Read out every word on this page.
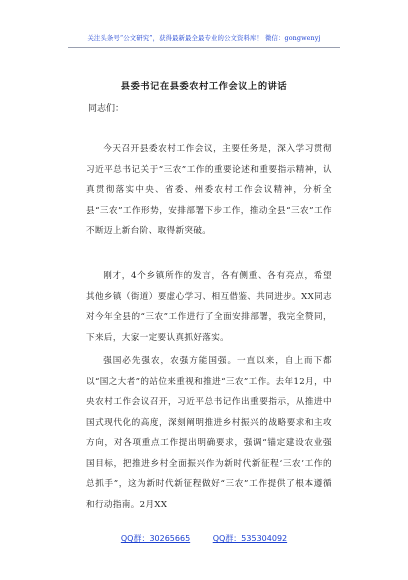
关注头条号“公文研究”，获得最新最全最专业的公文资料库！ 微信：gongwenyj
县委书记在县委农村工作会议上的讲话
同志们：
今天召开县委农村工作会议，主要任务是，深入学习贯彻习近平总书记关于“三农”工作的重要论述和重要指示精神，认真贯彻落实中央、省委、州委农村工作会议精神，分析全县“三农”工作形势，安排部署下步工作，推动全县“三农”工作不断迈上新台阶、取得新突破。
刚才，4个乡镇所作的发言，各有侧重、各有亮点，希望其他乡镇（街道）要虚心学习、相互借鉴、共同进步。XX同志对今年全县的“三农”工作进行了全面安排部署，我完全赞同，下来后，大家一定要认真抓好落实。
强国必先强农，农强方能国强。一直以来，自上而下都以“国之大者”的站位来重视和推进“三农”工作。去年12月，中央农村工作会议召开，习近平总书记作出重要指示，从推进中国式现代化的高度，深刻阐明推进乡村振兴的战略要求和主攻方向，对各项重点工作提出明确要求，强调“锚定建设农业强国目标，把推进乡村全面振兴作为新时代新征程‘三农’工作的总抓手”，这为新时代新征程做好“三农”工作提供了根本遵循和行动指南。2月XX
QQ群：30265665	QQ群：535304092
